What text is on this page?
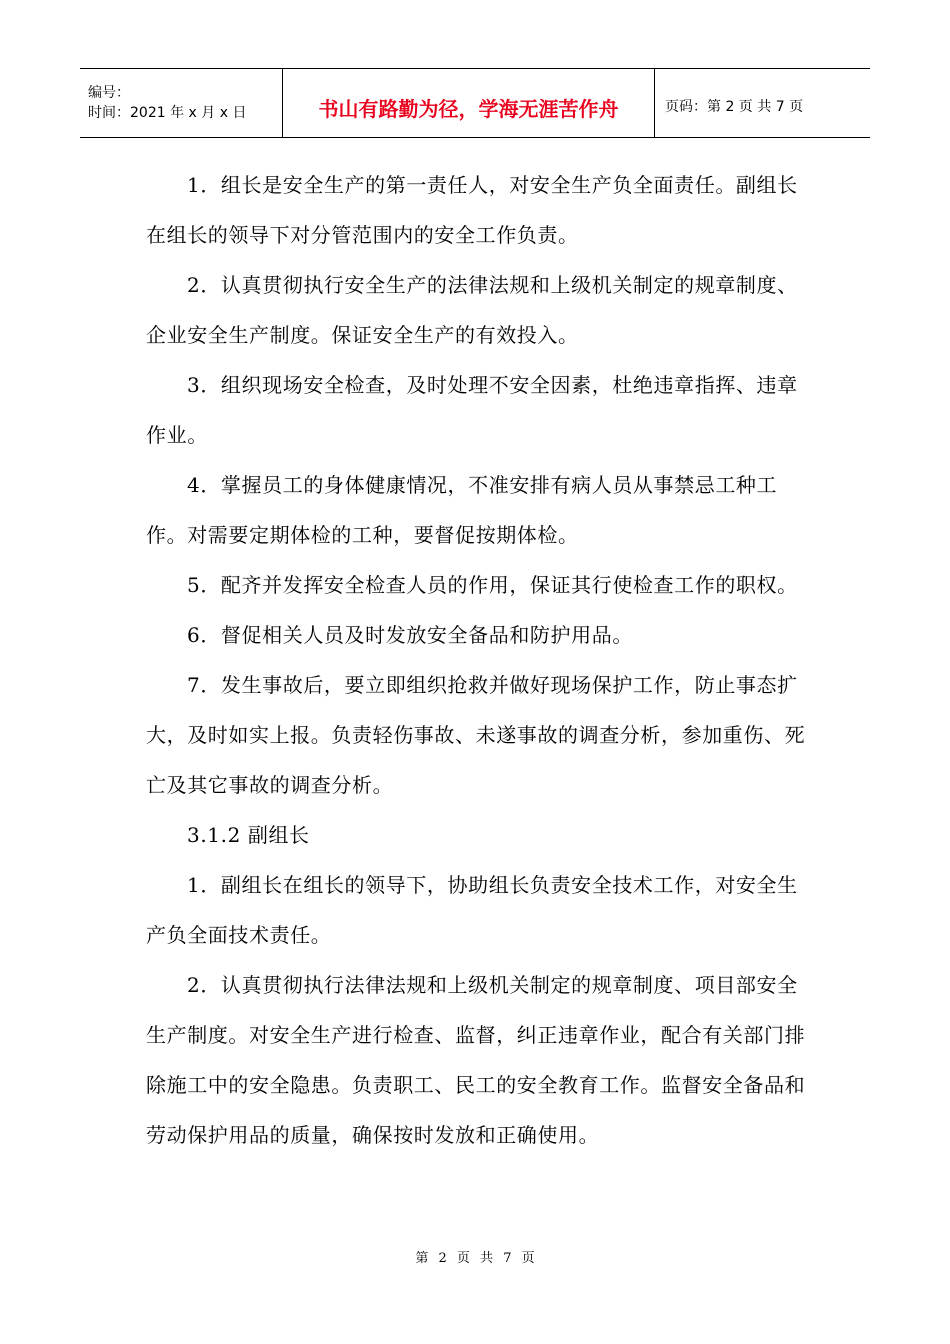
编号：
时间：2021 年 x 月 x 日	书山有路勤为径，学海无涯苦作舟	页码：第 2 页 共 7 页

1．组长是安全生产的第一责任人，对安全生产负全面责任。副组长在组长的领导下对分管范围内的安全工作负责。

2．认真贯彻执行安全生产的法律法规和上级机关制定的规章制度、企业安全生产制度。保证安全生产的有效投入。

3．组织现场安全检查，及时处理不安全因素，杜绝违章指挥、违章作业。

4．掌握员工的身体健康情况，不准安排有病人员从事禁忌工种工作。对需要定期体检的工种，要督促按期体检。

5．配齐并发挥安全检查人员的作用，保证其行使检查工作的职权。

6．督促相关人员及时发放安全备品和防护用品。

7．发生事故后，要立即组织抢救并做好现场保护工作，防止事态扩大，及时如实上报。负责轻伤事故、未遂事故的调查分析，参加重伤、死亡及其它事故的调查分析。

3.1.2 副组长

1．副组长在组长的领导下，协助组长负责安全技术工作，对安全生产负全面技术责任。

2．认真贯彻执行法律法规和上级机关制定的规章制度、项目部安全生产制度。对安全生产进行检查、监督，纠正违章作业，配合有关部门排除施工中的安全隐患。负责职工、民工的安全教育工作。监督安全备品和劳动保护用品的质量，确保按时发放和正确使用。

第 2 页 共 7 页
